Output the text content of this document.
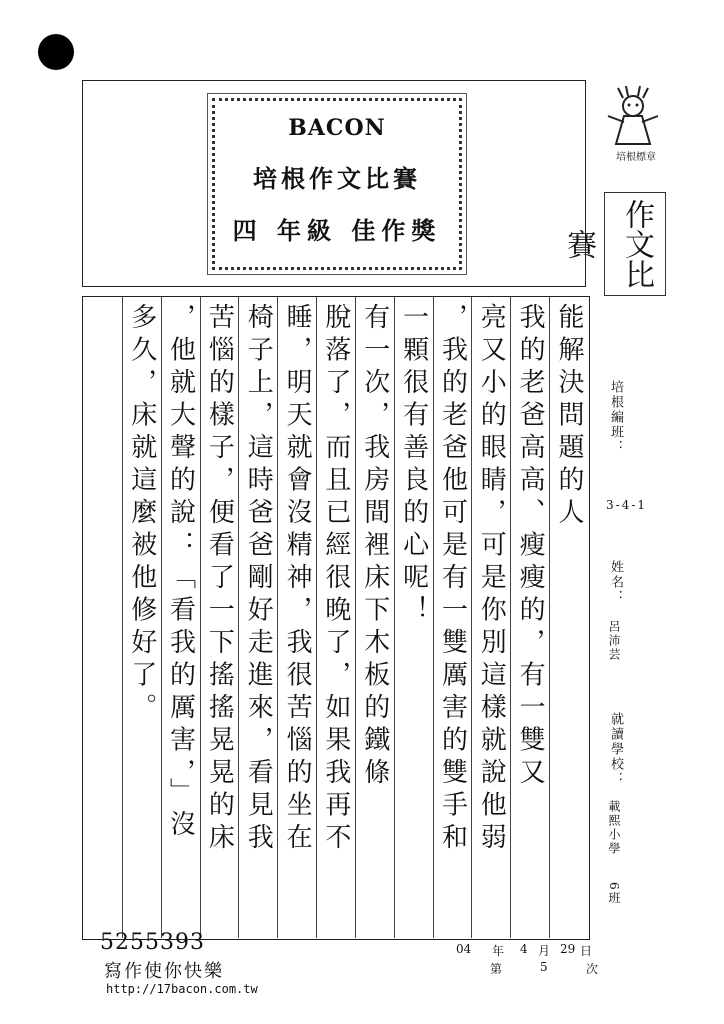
BACON
培根作文比賽
四 年級 佳作獎
培根標章
作文比賽
能解決問題的人
我的老爸高高、瘦瘦的，有一雙又
亮又小的眼睛，可是你別這樣就說他弱
，我的老爸他可是有一雙厲害的雙手和
一顆很有善良的心呢！
有一次，我房間裡床下木板的鐵條
脫落了，而且已經很晚了，如果我再不
睡，明天就會沒精神，我很苦惱的坐在
椅子上，這時爸爸剛好走進來，看見我
苦惱的樣子，便看了一下搖搖晃晃的床
，他就大聲的說：「看我的厲害，」沒
多久，床就這麼被他修好了。	培根編班：
3-4-1
姓名：
呂沛芸
就讀學校：
載熙小學
6班
5255393
寫作使你快樂
http://17bacon.com.tw
04 年 4 月 29 日
第	5	次
